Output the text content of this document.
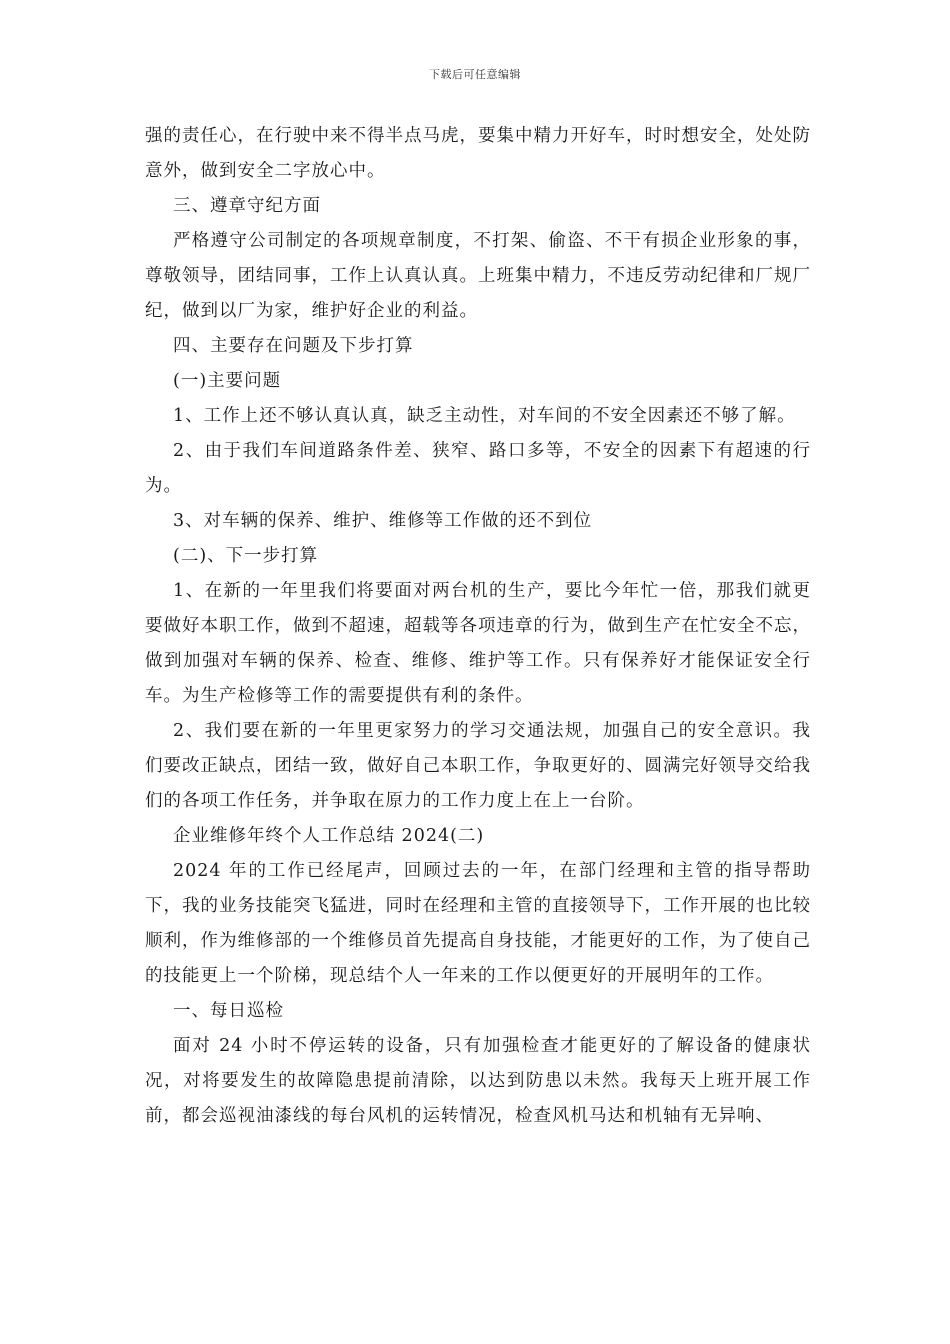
下载后可任意编辑

强的责任心，在行驶中来不得半点马虎，要集中精力开好车，时时想安全，处处防意外，做到安全二字放心中。

三、遵章守纪方面

严格遵守公司制定的各项规章制度，不打架、偷盗、不干有损企业形象的事，尊敬领导，团结同事，工作上认真认真。上班集中精力，不违反劳动纪律和厂规厂纪，做到以厂为家，维护好企业的利益。

四、主要存在问题及下步打算

(一)主要问题

1、工作上还不够认真认真，缺乏主动性，对车间的不安全因素还不够了解。

2、由于我们车间道路条件差、狭窄、路口多等，不安全的因素下有超速的行为。

3、对车辆的保养、维护、维修等工作做的还不到位

(二)、下一步打算

1、在新的一年里我们将要面对两台机的生产，要比今年忙一倍，那我们就更要做好本职工作，做到不超速，超载等各项违章的行为，做到生产在忙安全不忘，做到加强对车辆的保养、检查、维修、维护等工作。只有保养好才能保证安全行车。为生产检修等工作的需要提供有利的条件。

2、我们要在新的一年里更家努力的学习交通法规，加强自己的安全意识。我们要改正缺点，团结一致，做好自己本职工作，争取更好的、圆满完好领导交给我们的各项工作任务，并争取在原力的工作力度上在上一台阶。

企业维修年终个人工作总结 2024(二)

2024 年的工作已经尾声，回顾过去的一年，在部门经理和主管的指导帮助下，我的业务技能突飞猛进，同时在经理和主管的直接领导下，工作开展的也比较顺利，作为维修部的一个维修员首先提高自身技能，才能更好的工作，为了使自己的技能更上一个阶梯，现总结个人一年来的工作以便更好的开展明年的工作。

一、每日巡检

面对 24 小时不停运转的设备，只有加强检查才能更好的了解设备的健康状况，对将要发生的故障隐患提前清除，以达到防患以未然。我每天上班开展工作前，都会巡视油漆线的每台风机的运转情况，检查风机马达和机轴有无异响、
